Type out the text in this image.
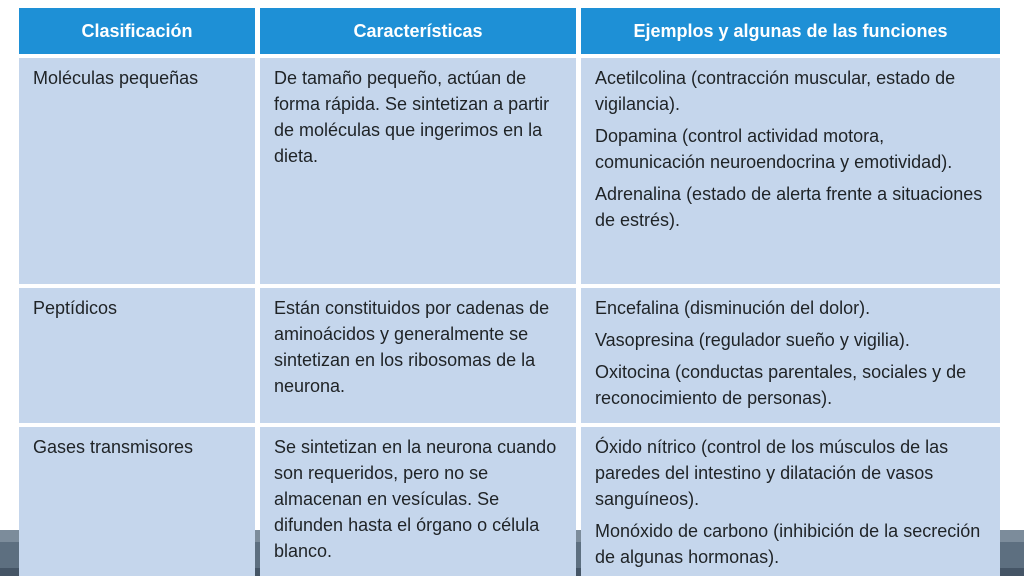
Clasificación	Características	Ejemplos y algunas de las funciones
Moléculas pequeñas	De tamaño pequeño, actúan de forma rápida. Se sintetizan a partir de moléculas que ingerimos en la dieta.	Acetilcolina (contracción muscular, estado de vigilancia).
Dopamina (control actividad motora, comunicación neuroendocrina y emotividad).
Adrenalina (estado de alerta frente a situaciones de estrés).

Peptídicos	Están constituidos por cadenas de aminoácidos y generalmente se sintetizan en los ribosomas de la neurona.	Encefalina (disminución del dolor).
Vasopresina (regulador sueño y vigilia).
Oxitocina (conductas parentales, sociales y de reconocimiento de personas).

Gases transmisores	Se sintetizan en la neurona cuando son requeridos, pero no se almacenan en vesículas. Se difunden hasta el órgano o célula blanco.	Óxido nítrico (control de los músculos de las paredes del intestino y dilatación de vasos sanguíneos).
Monóxido de carbono (inhibición de la secreción de algunas hormonas).
